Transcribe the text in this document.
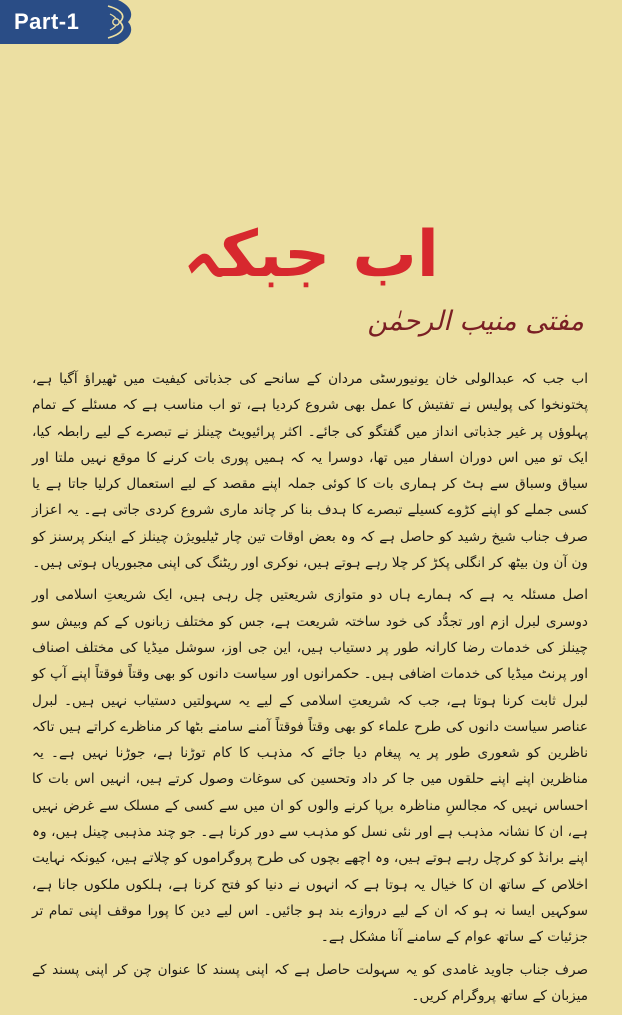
Part-1
اب جبکہ
مفتی منیب الرحمٰن

اب جب کہ عبدالولی خان یونیورسٹی مردان کے سانحے کی جذباتی کیفیت میں ٹھیراؤ آگیا ہے، پختونخوا کی پولیس نے تفتیش کا عمل بھی شروع کردیا ہے، تو اب مناسب ہے کہ مسئلے کے تمام پہلوؤں پر غیر جذباتی انداز میں گفتگو کی جائے۔ اکثر پرائیویٹ چینلز نے تبصرے کے لیے رابطہ کیا، ایک تو میں اس دوران اسفار میں تھا، دوسرا یہ کہ ہمیں پوری بات کرنے کا موقع نہیں ملتا اور سیاق وسباق سے ہٹ کر ہماری بات کا کوئی جملہ اپنے مقصد کے لیے استعمال کرلیا جاتا ہے یا کسی جملے کو اپنے کڑوے کسیلے تبصرے کا ہدف بنا کر چاند ماری شروع کردی جاتی ہے۔ یہ اعزاز صرف جناب شیخ رشید کو حاصل ہے کہ وہ بعض اوقات تین چار ٹیلیویژن چینلز کے اینکر پرسنز کو ون آن ون بیٹھ کر انگلی پکڑ کر چلا رہے ہوتے ہیں، نوکری اور ریٹنگ کی اپنی مجبوریاں ہوتی ہیں۔

اصل مسئلہ یہ ہے کہ ہمارے ہاں دو متوازی شریعتیں چل رہی ہیں، ایک شریعتِ اسلامی اور دوسری لبرل ازم اور تجدُّد کی خود ساختہ شریعت ہے، جس کو مختلف زبانوں کے کم وبیش سو چینلز کی خدمات رضا کارانہ طور پر دستیاب ہیں، این جی اوز، سوشل میڈیا کی مختلف اصناف اور پرنٹ میڈیا کی خدمات اضافی ہیں۔ حکمرانوں اور سیاست دانوں کو بھی وقتاً فوقتاً اپنے آپ کو لبرل ثابت کرنا ہوتا ہے، جب کہ شریعتِ اسلامی کے لیے یہ سہولتیں دستیاب نہیں ہیں۔ لبرل عناصر سیاست دانوں کی طرح علماء کو بھی وقتاً فوقتاً آمنے سامنے بٹھا کر مناظرے کراتے ہیں تاکہ ناظرین کو شعوری طور پر یہ پیغام دیا جائے کہ مذہب کا کام توڑنا ہے، جوڑنا نہیں ہے۔ یہ مناظرین اپنے اپنے حلقوں میں جا کر داد وتحسین کی سوغات وصول کرتے ہیں، انہیں اس بات کا احساس نہیں کہ مجالسِ مناظرہ برپا کرنے والوں کو ان میں سے کسی کے مسلک سے غرض نہیں ہے، ان کا نشانہ مذہب ہے اور نئی نسل کو مذہب سے دور کرنا ہے۔ جو چند مذہبی چینل ہیں، وہ اپنے برانڈ کو کرچل رہے ہوتے ہیں، وہ اچھے بچوں کی طرح پروگراموں کو چلاتے ہیں، کیونکہ نہایت اخلاص کے ساتھ ان کا خیال یہ ہوتا ہے کہ انہوں نے دنیا کو فتح کرنا ہے، ہلکوں ملکوں جانا ہے، سوکہیں ایسا نہ ہو کہ ان کے لیے دروازے بند ہو جائیں۔ اس لیے دین کا پورا موقف اپنی تمام تر جزئیات کے ساتھ عوام کے سامنے آنا مشکل ہے۔

صرف جناب جاوید غامدی کو یہ سہولت حاصل ہے کہ اپنی پسند کا عنوان چن کر اپنی پسند کے میزبان کے ساتھ پروگرام کریں۔
